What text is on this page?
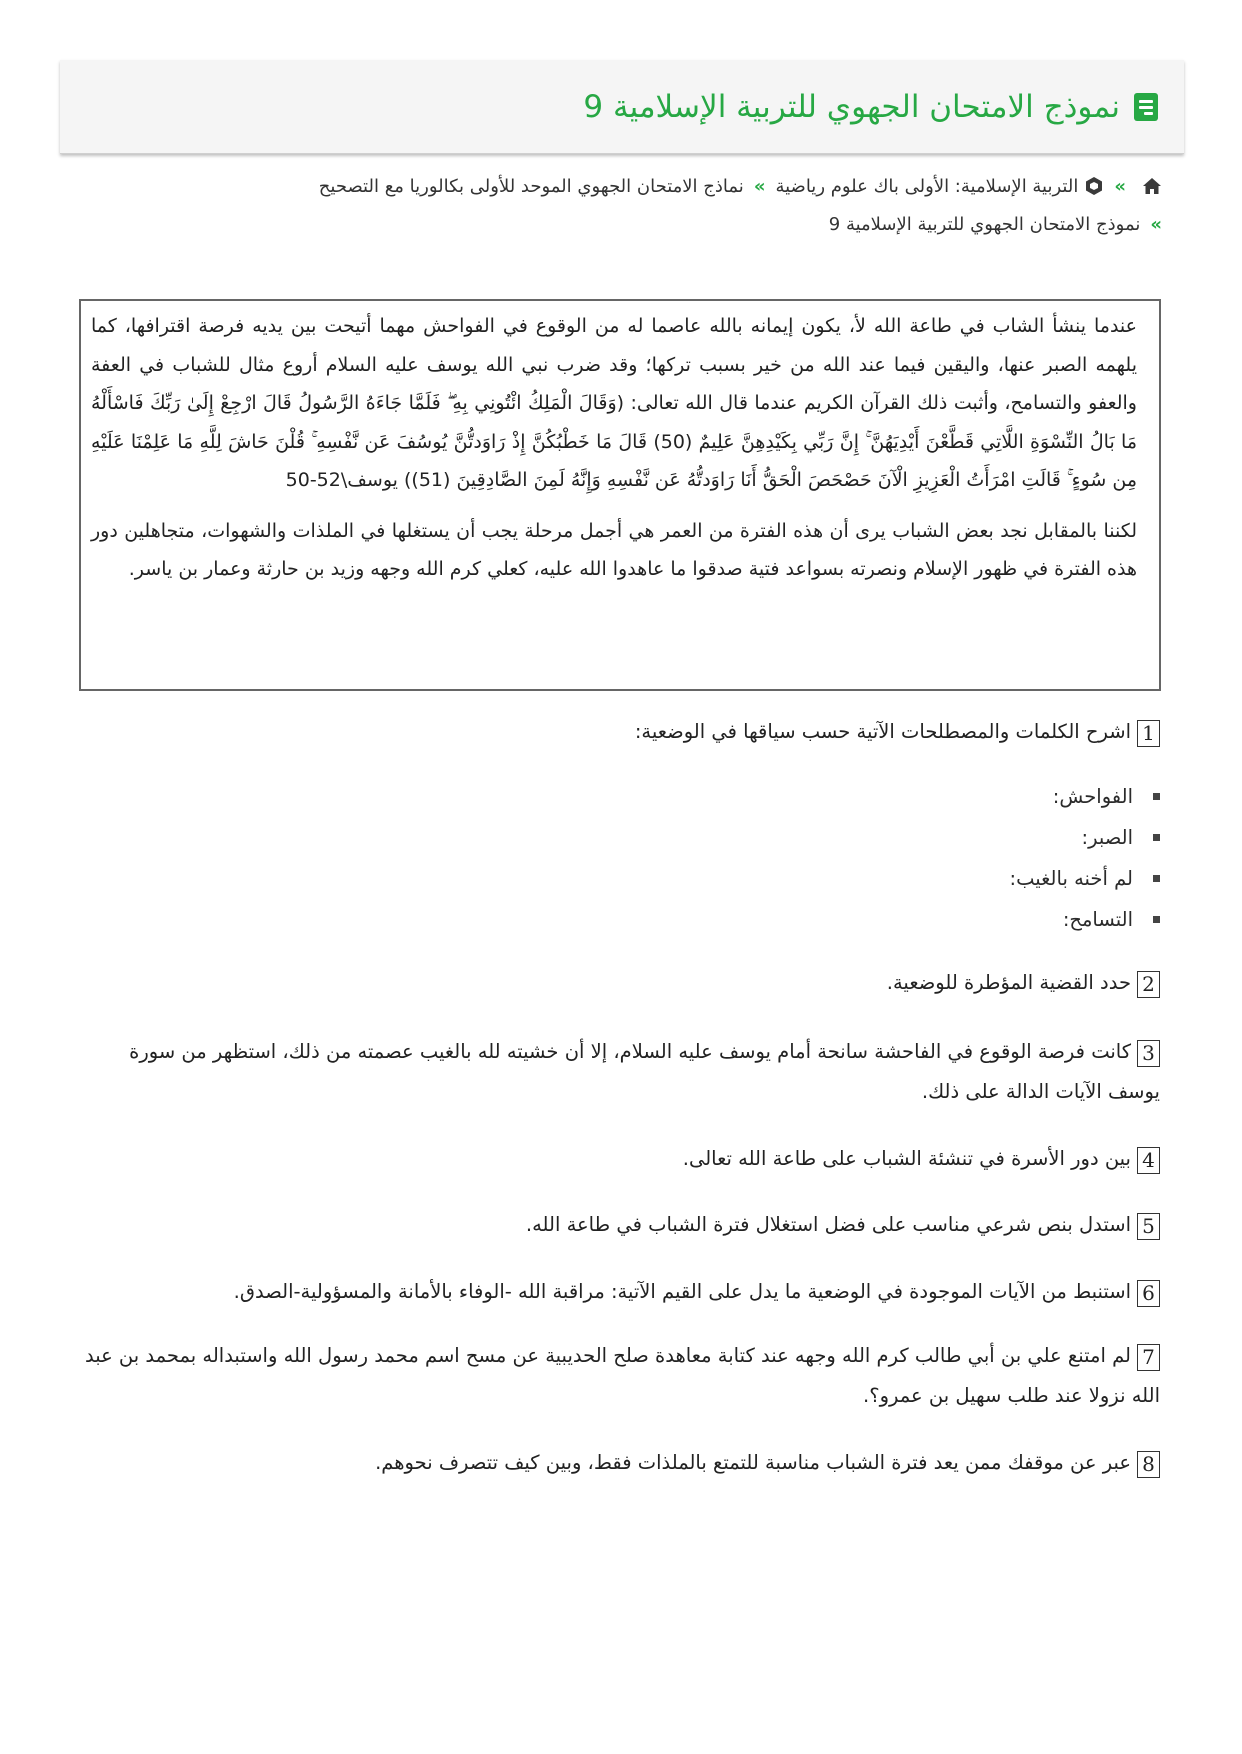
نموذج الامتحان الجهوي للتربية الإسلامية 9
»التربية الإسلامية: الأولى باك علوم رياضية»نماذج الامتحان الجهوي الموحد للأولى بكالوريا مع التصحيح
»نموذج الامتحان الجهوي للتربية الإسلامية 9

عندما ينشأ الشاب في طاعة الله لأ، يكون إيمانه بالله عاصما له من الوقوع في الفواحش مهما أتيحت بين يديه فرصة اقترافها، كما يلهمه الصبر عنها، واليقين فيما عند الله من خير بسبب تركها؛ وقد ضرب نبي الله يوسف عليه السلام أروع مثال للشباب في العفة والعفو والتسامح، وأثبت ذلك القرآن الكريم عندما قال الله تعالى: (وَقَالَ الْمَلِكُ ائْتُونِي بِهِ ۖ فَلَمَّا جَاءَهُ الرَّسُولُ قَالَ ارْجِعْ إِلَىٰ رَبِّكَ فَاسْأَلْهُ مَا بَالُ النِّسْوَةِ اللَّاتِي قَطَّعْنَ أَيْدِيَهُنَّ ۚ إِنَّ رَبِّي بِكَيْدِهِنَّ عَلِيمٌ (50) قَالَ مَا خَطْبُكُنَّ إِذْ رَاوَدتُّنَّ يُوسُفَ عَن نَّفْسِهِ ۚ قُلْنَ حَاشَ لِلَّهِ مَا عَلِمْنَا عَلَيْهِ مِن سُوءٍ ۚ قَالَتِ امْرَأَتُ الْعَزِيزِ الْآنَ حَصْحَصَ الْحَقُّ أَنَا رَاوَدتُّهُ عَن نَّفْسِهِ وَإِنَّهُ لَمِنَ الصَّادِقِينَ (51)) يوسف\52-50

لكننا بالمقابل نجد بعض الشباب يرى أن هذه الفترة من العمر هي أجمل مرحلة يجب أن يستغلها في الملذات والشهوات، متجاهلين دور هذه الفترة في ظهور الإسلام ونصرته بسواعد فتية صدقوا ما عاهدوا الله عليه، كعلي كرم الله وجهه وزيد بن حارثة وعمار بن ياسر.

1اشرح الكلمات والمصطلحات الآتية حسب سياقها في الوضعية:
الفواحش:
الصبر:
لم أخنه بالغيب:
التسامح:
2حدد القضية المؤطرة للوضعية.
3كانت فرصة الوقوع في الفاحشة سانحة أمام يوسف عليه السلام، إلا أن خشيته لله بالغيب عصمته من ذلك، استظهر من سورة يوسف الآيات الدالة على ذلك.
4بين دور الأسرة في تنشئة الشباب على طاعة الله تعالى.
5استدل بنص شرعي مناسب على فضل استغلال فترة الشباب في طاعة الله.
6استنبط من الآيات الموجودة في الوضعية ما يدل على القيم الآتية: مراقبة الله -الوفاء بالأمانة والمسؤولية-الصدق.
7لم امتنع علي بن أبي طالب كرم الله وجهه عند كتابة معاهدة صلح الحديبية عن مسح اسم محمد رسول الله واستبداله بمحمد بن عبد الله نزولا عند طلب سهيل بن عمرو؟.
8عبر عن موقفك ممن يعد فترة الشباب مناسبة للتمتع بالملذات فقط، وبين كيف تتصرف نحوهم.
